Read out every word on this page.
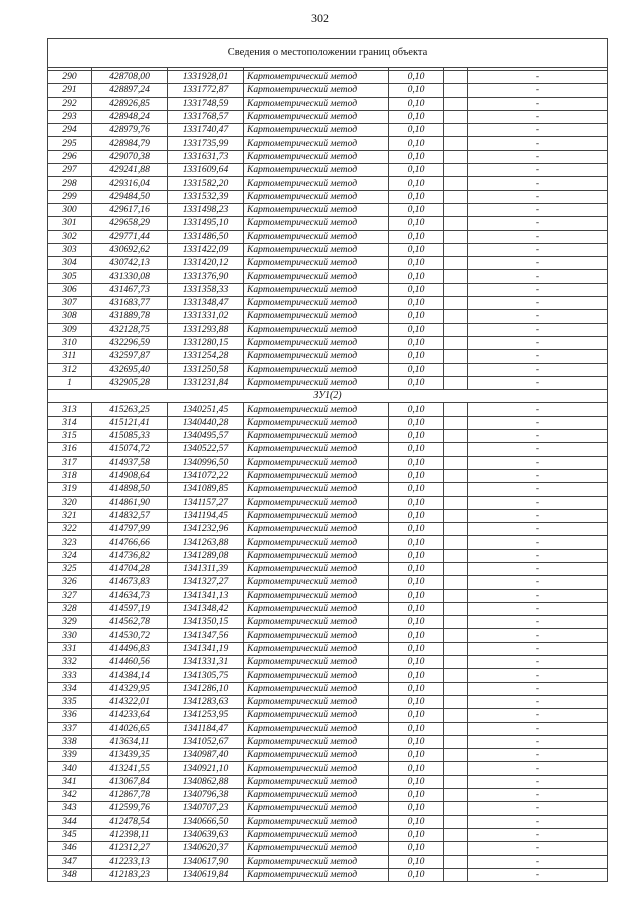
302
Сведения о местоположении границ объекта						

290	428708,00	1331928,01	Картометрический метод	0,10		-
291	428897,24	1331772,87	Картометрический метод	0,10		-
292	428926,85	1331748,59	Картометрический метод	0,10		-
293	428948,24	1331768,57	Картометрический метод	0,10		-
294	428979,76	1331740,47	Картометрический метод	0,10		-
295	428984,79	1331735,99	Картометрический метод	0,10		-
296	429070,38	1331631,73	Картометрический метод	0,10		-
297	429241,88	1331609,64	Картометрический метод	0,10		-
298	429316,04	1331582,20	Картометрический метод	0,10		-
299	429484,50	1331532,39	Картометрический метод	0,10		-
300	429617,16	1331498,23	Картометрический метод	0,10		-
301	429658,29	1331495,10	Картометрический метод	0,10		-
302	429771,44	1331486,50	Картометрический метод	0,10		-
303	430692,62	1331422,09	Картометрический метод	0,10		-
304	430742,13	1331420,12	Картометрический метод	0,10		-
305	431330,08	1331376,90	Картометрический метод	0,10		-
306	431467,73	1331358,33	Картометрический метод	0,10		-
307	431683,77	1331348,47	Картометрический метод	0,10		-
308	431889,78	1331331,02	Картометрический метод	0,10		-
309	432128,75	1331293,88	Картометрический метод	0,10		-
310	432296,59	1331280,15	Картометрический метод	0,10		-
311	432597,87	1331254,28	Картометрический метод	0,10		-
312	432695,40	1331250,58	Картометрический метод	0,10		-
1	432905,28	1331231,84	Картометрический метод	0,10		-
ЗУ1(2)						
313	415263,25	1340251,45	Картометрический метод	0,10		-
314	415121,41	1340440,28	Картометрический метод	0,10		-
315	415085,33	1340495,57	Картометрический метод	0,10		-
316	415074,72	1340522,57	Картометрический метод	0,10		-
317	414937,58	1340996,50	Картометрический метод	0,10		-
318	414908,64	1341072,22	Картометрический метод	0,10		-
319	414898,50	1341089,85	Картометрический метод	0,10		-
320	414861,90	1341157,27	Картометрический метод	0,10		-
321	414832,57	1341194,45	Картометрический метод	0,10		-
322	414797,99	1341232,96	Картометрический метод	0,10		-
323	414766,66	1341263,88	Картометрический метод	0,10		-
324	414736,82	1341289,08	Картометрический метод	0,10		-
325	414704,28	1341311,39	Картометрический метод	0,10		-
326	414673,83	1341327,27	Картометрический метод	0,10		-
327	414634,73	1341341,13	Картометрический метод	0,10		-
328	414597,19	1341348,42	Картометрический метод	0,10		-
329	414562,78	1341350,15	Картометрический метод	0,10		-
330	414530,72	1341347,56	Картометрический метод	0,10		-
331	414496,83	1341341,19	Картометрический метод	0,10		-
332	414460,56	1341331,31	Картометрический метод	0,10		-
333	414384,14	1341305,75	Картометрический метод	0,10		-
334	414329,95	1341286,10	Картометрический метод	0,10		-
335	414322,01	1341283,63	Картометрический метод	0,10		-
336	414233,64	1341253,95	Картометрический метод	0,10		-
337	414026,65	1341184,47	Картометрический метод	0,10		-
338	413634,11	1341052,67	Картометрический метод	0,10		-
339	413439,35	1340987,40	Картометрический метод	0,10		-
340	413241,55	1340921,10	Картометрический метод	0,10		-
341	413067,84	1340862,88	Картометрический метод	0,10		-
342	412867,78	1340796,38	Картометрический метод	0,10		-
343	412599,76	1340707,23	Картометрический метод	0,10		-
344	412478,54	1340666,50	Картометрический метод	0,10		-
345	412398,11	1340639,63	Картометрический метод	0,10		-
346	412312,27	1340620,37	Картометрический метод	0,10		-
347	412233,13	1340617,90	Картометрический метод	0,10		-
348	412183,23	1340619,84	Картометрический метод	0,10		-
